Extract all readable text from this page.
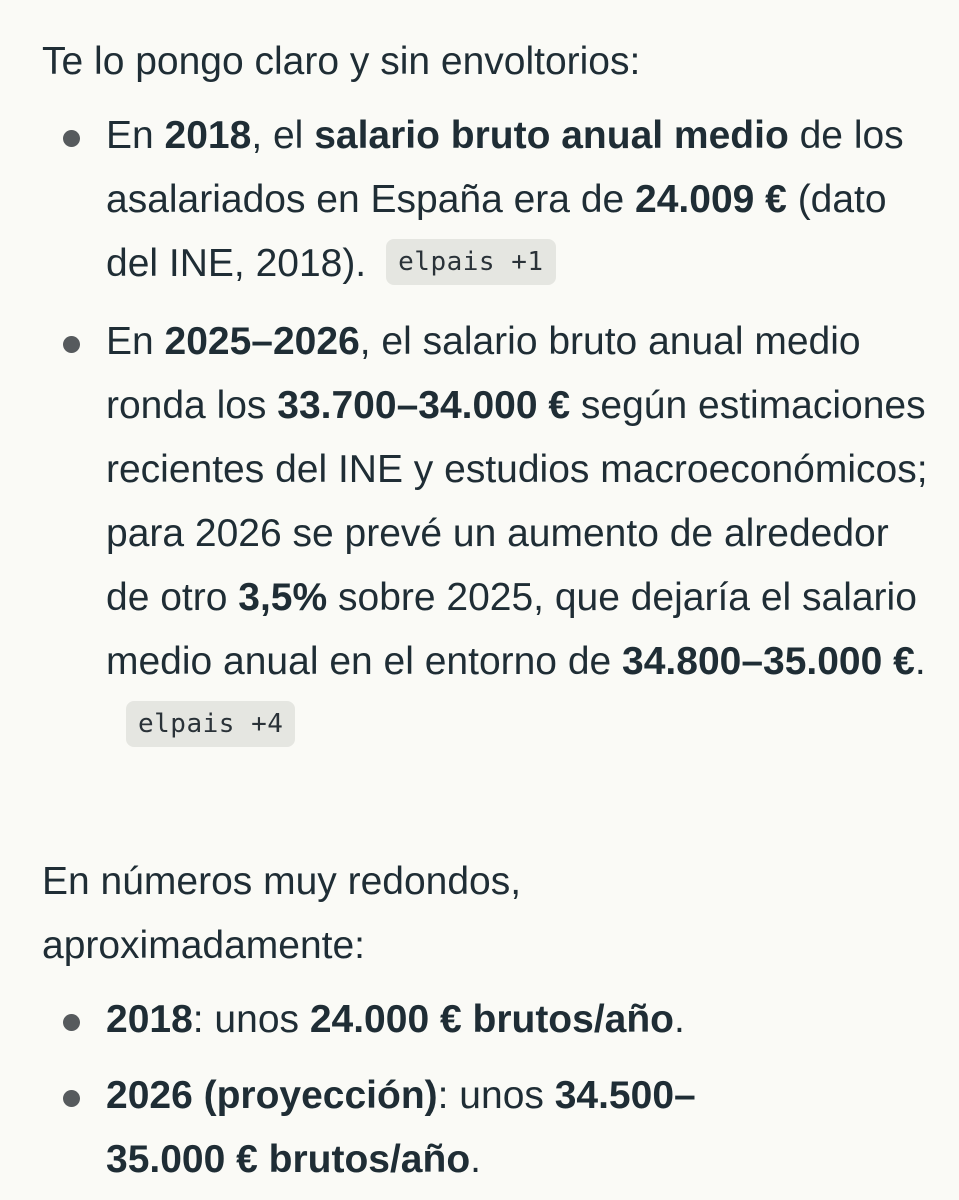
Te lo pongo claro y sin envoltorios:

En 2018, el salario bruto anual medio de los asalariados en España era de 24.009 € (dato del INE, 2018). elpais +1
En 2025–2026, el salario bruto anual medio ronda los 33.700–34.000 € según estimaciones recientes del INE y estudios macroeconómicos; para 2026 se prevé un aumento de alrededor de otro 3,5% sobre 2025, que dejaría el salario medio anual en el entorno de 34.800–35.000 €.elpais +4

En números muy redondos, aproximadamente:

2018: unos 24.000 € brutos/año.
2026 (proyección): unos 34.500–35.000 € brutos/año.
